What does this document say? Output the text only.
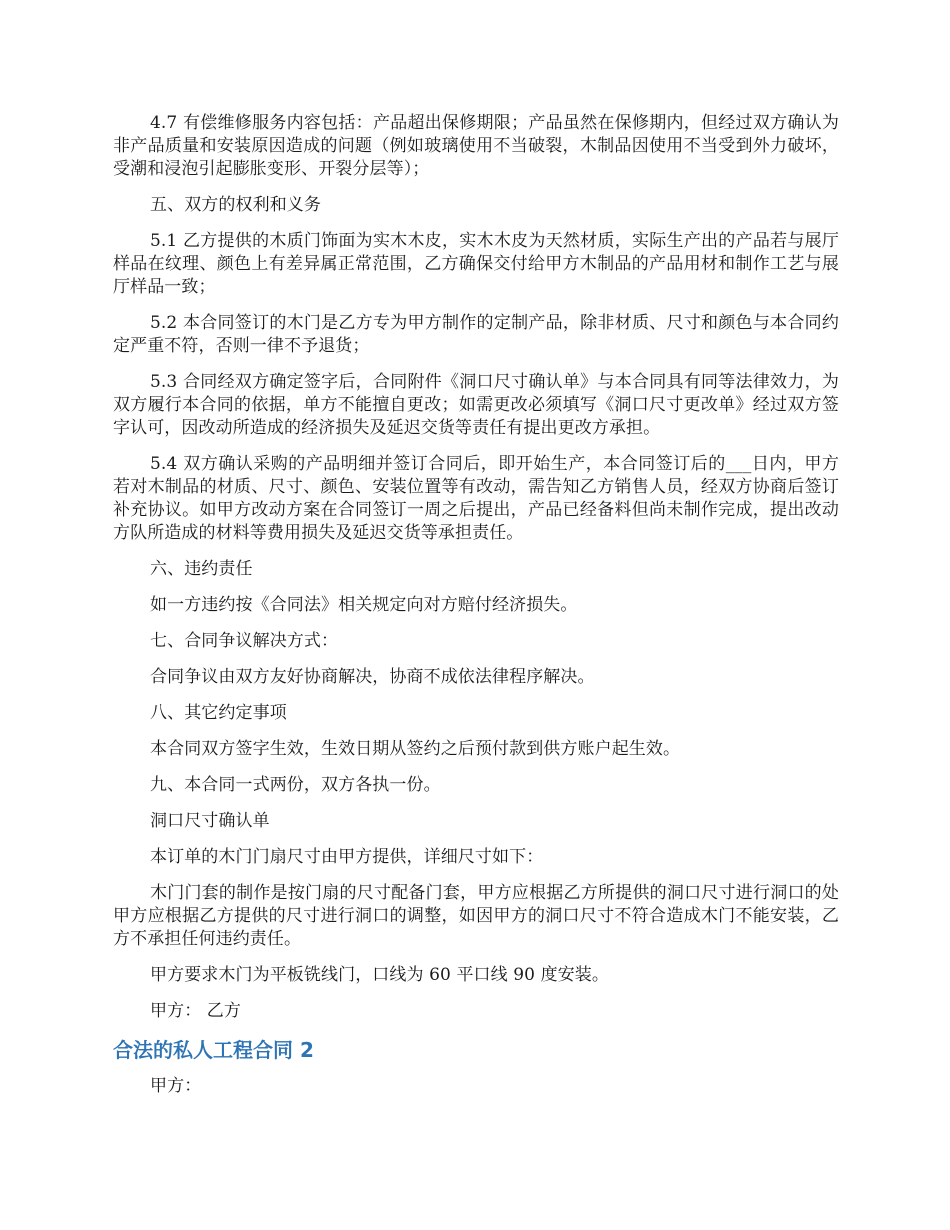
4.7 有偿维修服务内容包括：产品超出保修期限；产品虽然在保修期内，但经过双方确认为非产品质量和安装原因造成的问题（例如玻璃使用不当破裂，木制品因使用不当受到外力破坏，受潮和浸泡引起膨胀变形、开裂分层等）；

五、双方的权利和义务

5.1 乙方提供的木质门饰面为实木木皮，实木木皮为天然材质，实际生产出的产品若与展厅样品在纹理、颜色上有差异属正常范围，乙方确保交付给甲方木制品的产品用材和制作工艺与展厅样品一致；

5.2 本合同签订的木门是乙方专为甲方制作的定制产品，除非材质、尺寸和颜色与本合同约定严重不符，否则一律不予退货；

5.3 合同经双方确定签字后，合同附件《洞口尺寸确认单》与本合同具有同等法律效力，为双方履行本合同的依据，单方不能擅自更改；如需更改必须填写《洞口尺寸更改单》经过双方签字认可，因改动所造成的经济损失及延迟交货等责任有提出更改方承担。

5.4 双方确认采购的产品明细并签订合同后，即开始生产，本合同签订后的___日内，甲方若对木制品的材质、尺寸、颜色、安装位置等有改动，需告知乙方销售人员，经双方协商后签订补充协议。如甲方改动方案在合同签订一周之后提出，产品已经备料但尚未制作完成，提出改动方队所造成的材料等费用损失及延迟交货等承担责任。

六、违约责任

如一方违约按《合同法》相关规定向对方赔付经济损失。

七、合同争议解决方式：

合同争议由双方友好协商解决，协商不成依法律程序解决。

八、其它约定事项

本合同双方签字生效，生效日期从签约之后预付款到供方账户起生效。

九、本合同一式两份，双方各执一份。

洞口尺寸确认单

本订单的木门门扇尺寸由甲方提供，详细尺寸如下：

木门门套的制作是按门扇的尺寸配备门套，甲方应根据乙方所提供的洞口尺寸进行洞口的处甲方应根据乙方提供的尺寸进行洞口的调整，如因甲方的洞口尺寸不符合造成木门不能安装，乙方不承担任何违约责任。

甲方要求木门为平板铣线门，口线为 60 平口线 90 度安装。

甲方： 乙方

合法的私人工程合同 2

甲方：
